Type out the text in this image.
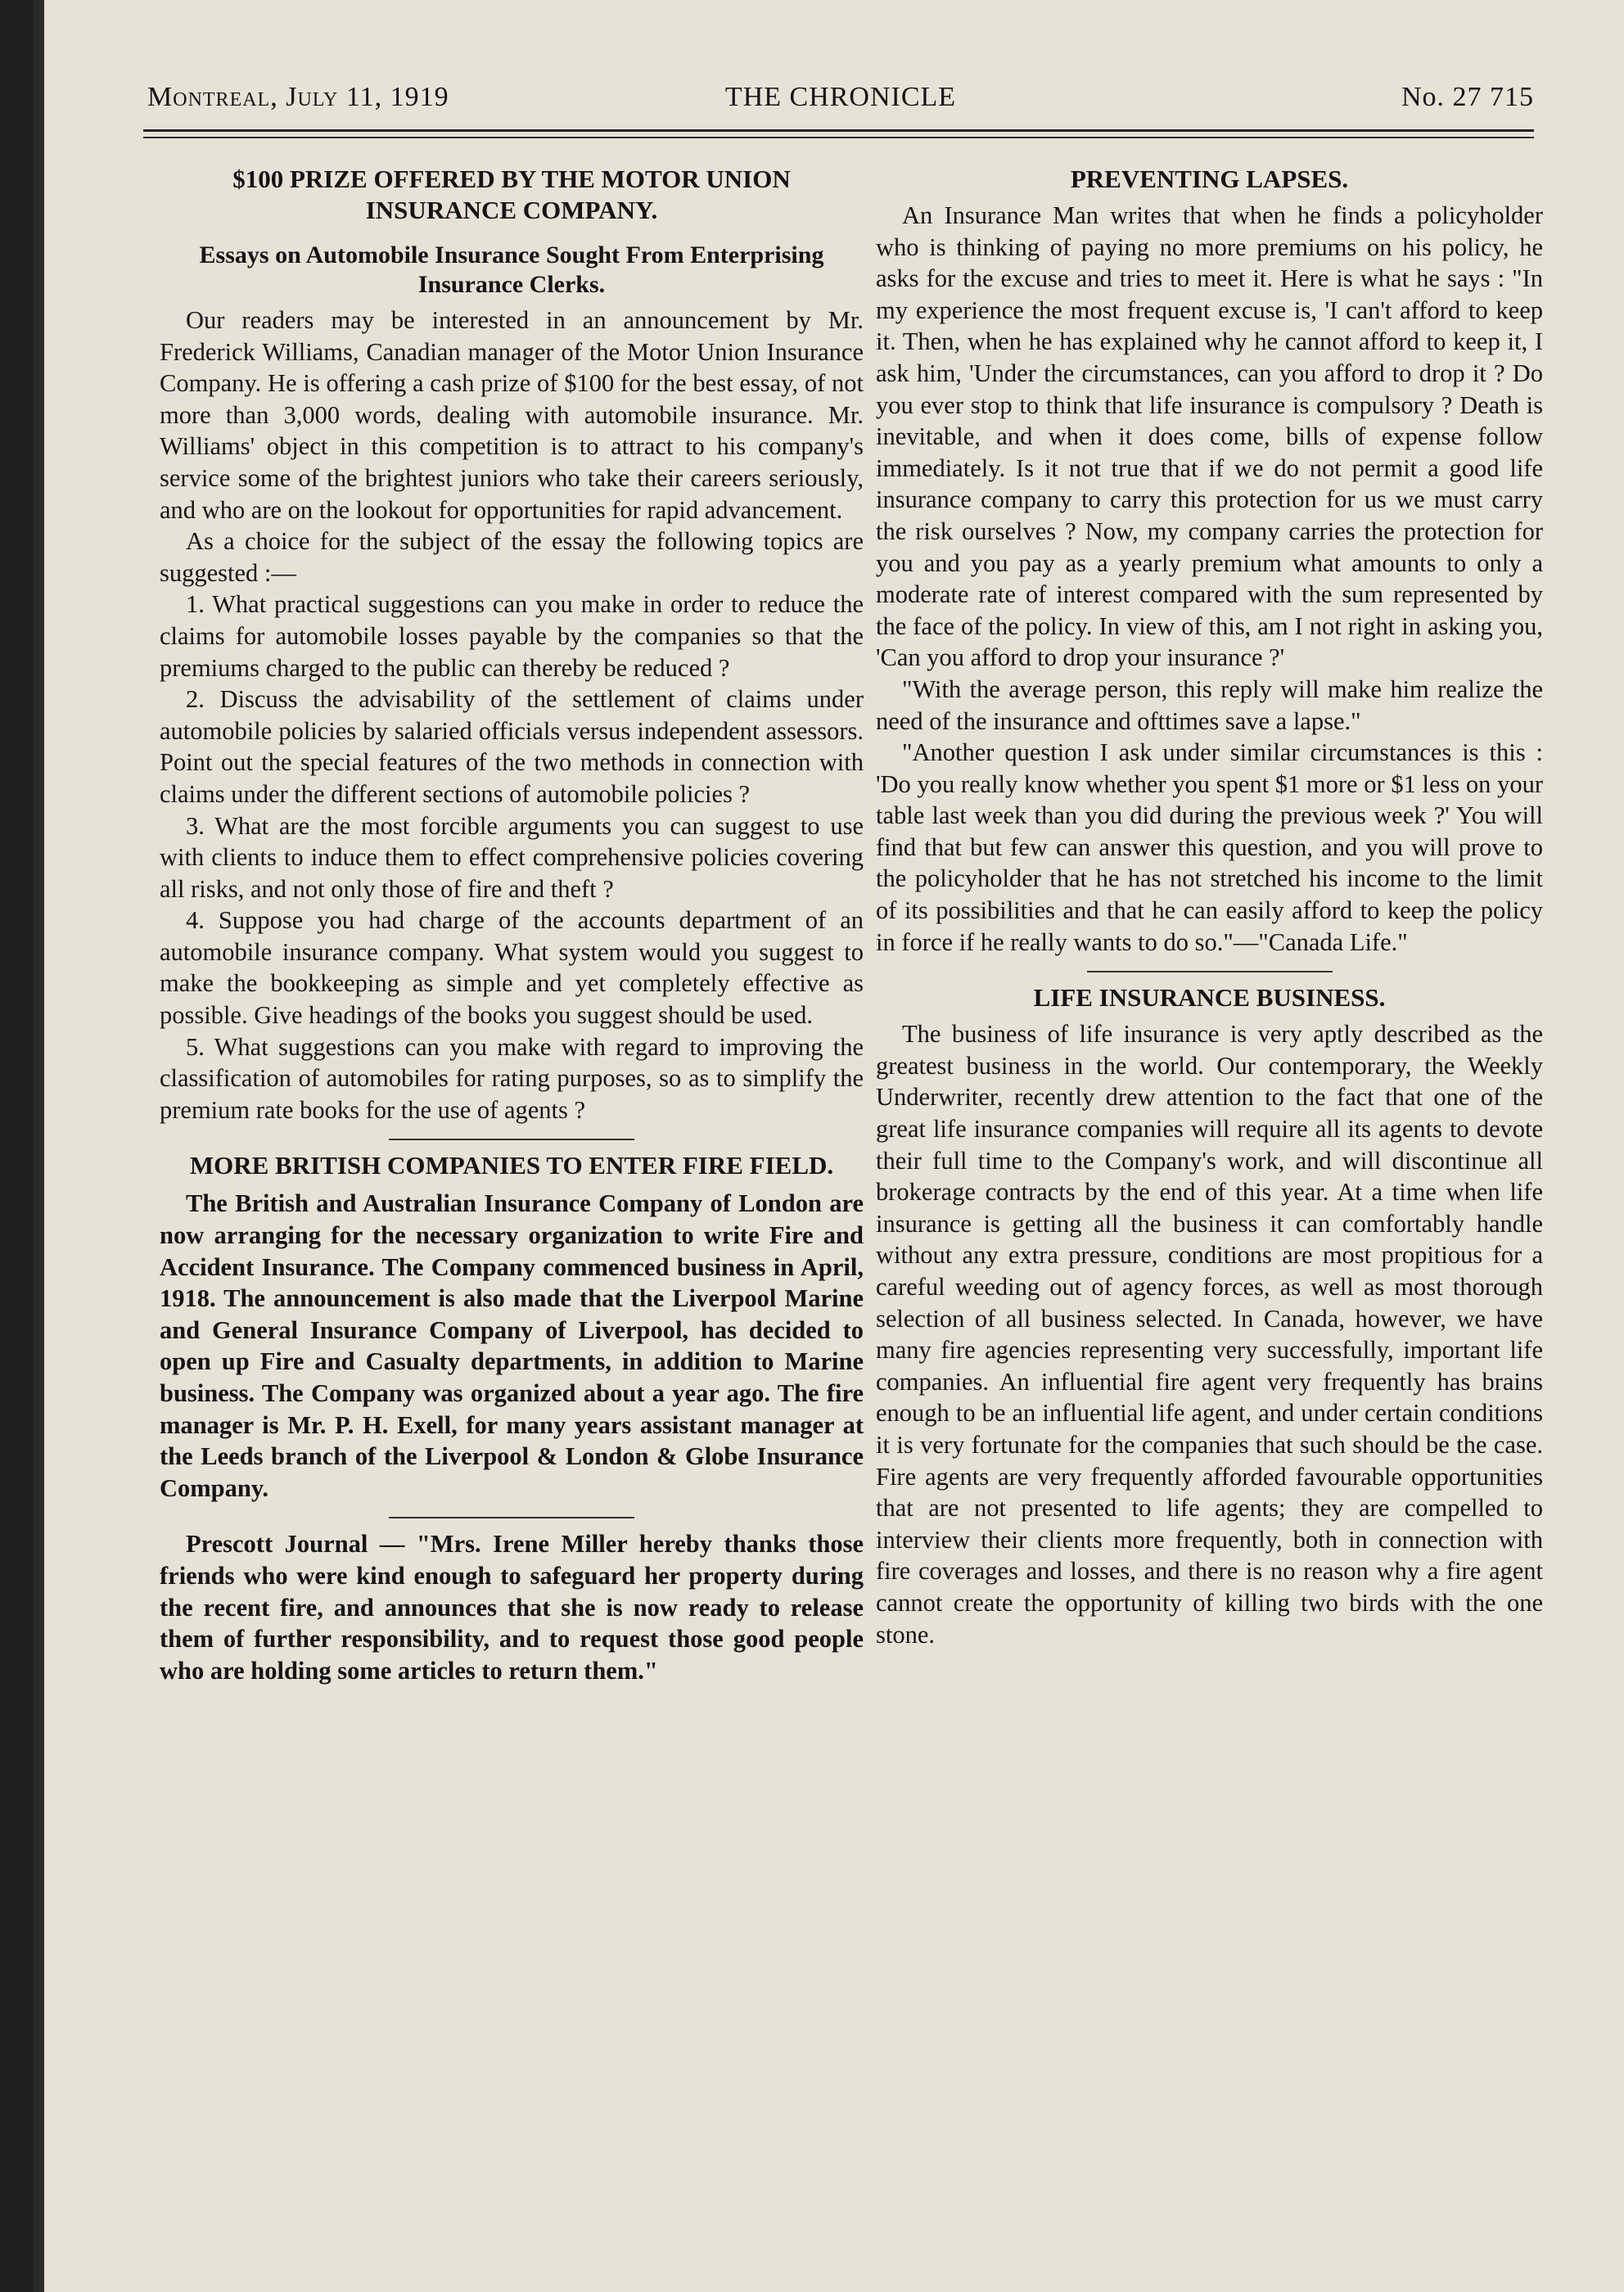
Montreal, July 11, 1919	THE CHRONICLE	No. 27 715
$100 PRIZE OFFERED BY THE MOTOR UNION INSURANCE COMPANY.
Essays on Automobile Insurance Sought From Enterprising Insurance Clerks.

Our readers may be interested in an announcement by Mr. Frederick Williams, Canadian manager of the Motor Union Insurance Company. He is offering a cash prize of $100 for the best essay, of not more than 3,000 words, dealing with automobile insurance. Mr. Williams' object in this competition is to attract to his company's service some of the brightest juniors who take their careers seriously, and who are on the lookout for opportunities for rapid advancement.

As a choice for the subject of the essay the following topics are suggested :—

1. What practical suggestions can you make in order to reduce the claims for automobile losses payable by the companies so that the premiums charged to the public can thereby be reduced ?

2. Discuss the advisability of the settlement of claims under automobile policies by salaried officials versus independent assessors. Point out the special features of the two methods in connection with claims under the different sections of automobile policies ?

3. What are the most forcible arguments you can suggest to use with clients to induce them to effect comprehensive policies covering all risks, and not only those of fire and theft ?

4. Suppose you had charge of the accounts department of an automobile insurance company. What system would you suggest to make the bookkeeping as simple and yet completely effective as possible. Give headings of the books you suggest should be used.

5. What suggestions can you make with regard to improving the classification of automobiles for rating purposes, so as to simplify the premium rate books for the use of agents ?

MORE BRITISH COMPANIES TO ENTER FIRE FIELD.

The British and Australian Insurance Company of London are now arranging for the necessary organization to write Fire and Accident Insurance. The Company commenced business in April, 1918. The announcement is also made that the Liverpool Marine and General Insurance Company of Liverpool, has decided to open up Fire and Casualty departments, in addition to Marine business. The Company was organized about a year ago. The fire manager is Mr. P. H. Exell, for many years assistant manager at the Leeds branch of the Liverpool & London & Globe Insurance Company.

Prescott Journal — "Mrs. Irene Miller hereby thanks those friends who were kind enough to safeguard her property during the recent fire, and announces that she is now ready to release them of further responsibility, and to request those good people who are holding some articles to return them."

PREVENTING LAPSES.

An Insurance Man writes that when he finds a policyholder who is thinking of paying no more premiums on his policy, he asks for the excuse and tries to meet it. Here is what he says : "In my experience the most frequent excuse is, 'I can't afford to keep it. Then, when he has explained why he cannot afford to keep it, I ask him, 'Under the circumstances, can you afford to drop it ? Do you ever stop to think that life insurance is compulsory ? Death is inevitable, and when it does come, bills of expense follow immediately. Is it not true that if we do not permit a good life insurance company to carry this protection for us we must carry the risk ourselves ? Now, my company carries the protection for you and you pay as a yearly premium what amounts to only a moderate rate of interest compared with the sum represented by the face of the policy. In view of this, am I not right in asking you, 'Can you afford to drop your insurance ?'

"With the average person, this reply will make him realize the need of the insurance and ofttimes save a lapse."

"Another question I ask under similar circumstances is this : 'Do you really know whether you spent $1 more or $1 less on your table last week than you did during the previous week ?' You will find that but few can answer this question, and you will prove to the policyholder that he has not stretched his income to the limit of its possibilities and that he can easily afford to keep the policy in force if he really wants to do so."—"Canada Life."

LIFE INSURANCE BUSINESS.

The business of life insurance is very aptly described as the greatest business in the world. Our contemporary, the Weekly Underwriter, recently drew attention to the fact that one of the great life insurance companies will require all its agents to devote their full time to the Company's work, and will discontinue all brokerage contracts by the end of this year. At a time when life insurance is getting all the business it can comfortably handle without any extra pressure, conditions are most propitious for a careful weeding out of agency forces, as well as most thorough selection of all business selected. In Canada, however, we have many fire agencies representing very successfully, important life companies. An influential fire agent very frequently has brains enough to be an influential life agent, and under certain conditions it is very fortunate for the companies that such should be the case. Fire agents are very frequently afforded favourable opportunities that are not presented to life agents; they are compelled to interview their clients more frequently, both in connection with fire coverages and losses, and there is no reason why a fire agent cannot create the opportunity of killing two birds with the one stone.
